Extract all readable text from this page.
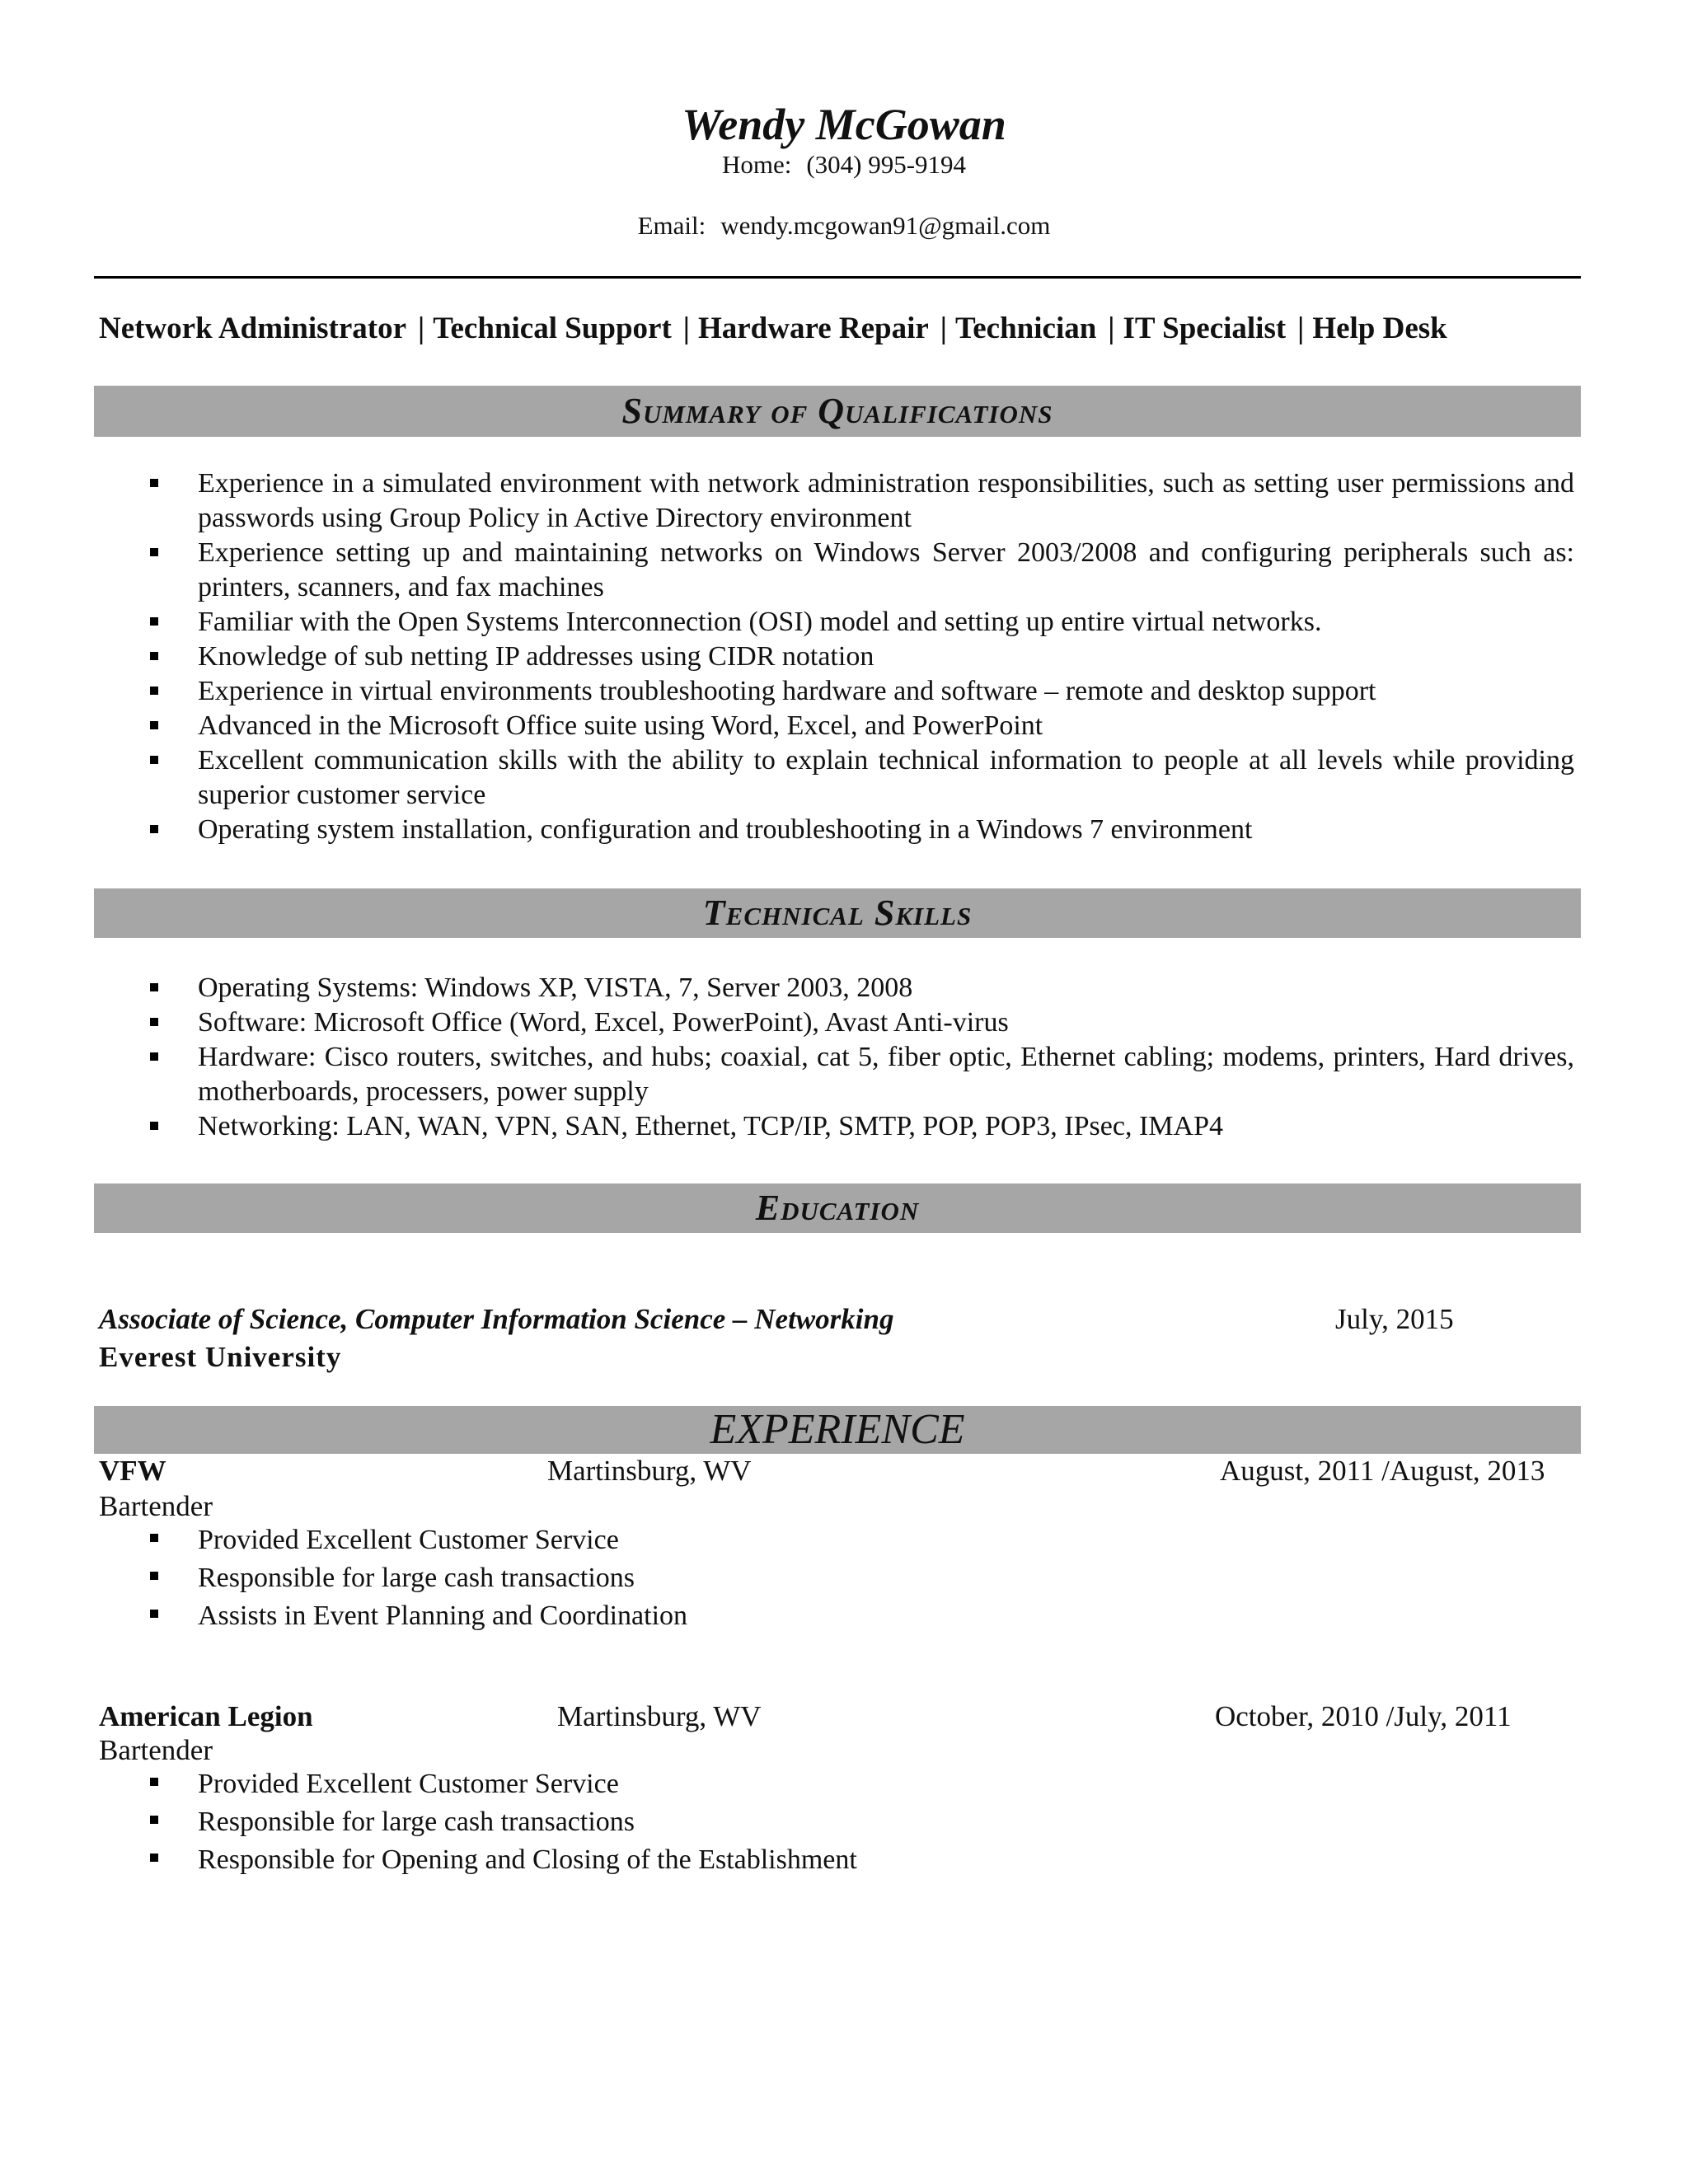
Wendy McGowan
Home: (304) 995-9194
Email: wendy.mcgowan91@gmail.com
Network Administrator | Technical Support | Hardware Repair | Technician | IT Specialist | Help Desk
Summary of Qualifications
Experience in a simulated environment with network administration responsibilities, such as setting user permissions and passwords using Group Policy in Active Directory environment
Experience setting up and maintaining networks on Windows Server 2003/2008 and configuring peripherals such as: printers, scanners, and fax machines
Familiar with the Open Systems Interconnection (OSI) model and setting up entire virtual networks.
Knowledge of sub netting IP addresses using CIDR notation
Experience in virtual environments troubleshooting hardware and software – remote and desktop support
Advanced in the Microsoft Office suite using Word, Excel, and PowerPoint
Excellent communication skills with the ability to explain technical information to people at all levels while providing superior customer service
Operating system installation, configuration and troubleshooting in a Windows 7 environment
Technical Skills
Operating Systems: Windows XP, VISTA, 7, Server 2003, 2008
Software: Microsoft Office (Word, Excel, PowerPoint), Avast Anti-virus
Hardware: Cisco routers, switches, and hubs; coaxial, cat 5, fiber optic, Ethernet cabling; modems, printers, Hard drives, motherboards, processers, power supply
Networking: LAN, WAN, VPN, SAN, Ethernet, TCP/IP, SMTP, POP, POP3, IPsec, IMAP4
Education
Associate of Science, Computer Information Science – Networking	July, 2015
Everest University
EXPERIENCE
VFW	Martinsburg, WV	August, 2011 /August, 2013
Bartender
Provided Excellent Customer Service
Responsible for large cash transactions
Assists in Event Planning and Coordination
American Legion	Martinsburg, WV	October, 2010 /July, 2011
Bartender
Provided Excellent Customer Service
Responsible for large cash transactions
Responsible for Opening and Closing of the Establishment
